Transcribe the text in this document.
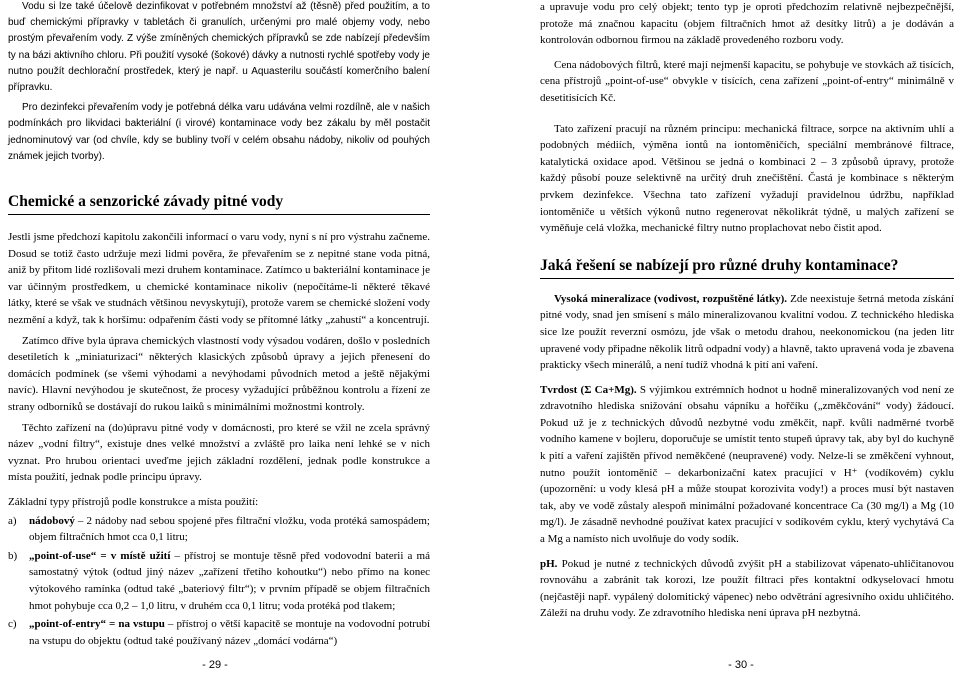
Vodu si lze také účelově dezinfikovat v potřebném množství až (těsně) před použitím, a to buď chemickými přípravky v tabletách či granulích, určenými pro malé objemy vody, nebo prostým převařením vody. Z výše zmíněných chemických přípravků se zde nabízejí především ty na bázi aktivního chloru. Při použití vysoké (šokové) dávky a nutnosti rychlé spotřeby vody je nutno použít dechlorační prostředek, který je např. u Aquasterilu součástí komerčního balení přípravku.

Pro dezinfekci převařením vody je potřebná délka varu udávána velmi rozdílně, ale v našich podmínkách pro likvidaci bakteriální (i virové) kontaminace vody bez zákalu by měl postačit jednominutový var (od chvíle, kdy se bubliny tvoří v celém obsahu nádoby, nikoliv od pouhých známek jejich tvorby).

Chemické a senzorické závady pitné vody

Jestli jsme předchozí kapitolu zakončili informací o varu vody, nyní s ní pro výstrahu začneme. Dosud se totiž často udržuje mezi lidmi pověra, že převařením se z nepitné stane voda pitná, aniž by přitom lidé rozlišovali mezi druhem kontaminace. Zatímco u bakteriální kontaminace je var účinným prostředkem, u chemické kontaminace nikoliv (nepočítáme-li některé těkavé látky, které se však ve studnách většinou nevyskytují), protože varem se chemické složení vody nezmění a když, tak k horšímu: odpařením části vody se přítomné látky „zahustí“ a koncentrují.

Zatímco dříve byla úprava chemických vlastností vody výsadou vodáren, došlo v posledních desetiletích k „miniaturizaci“ některých klasických způsobů úpravy a jejich přenesení do domácích podmínek (se všemi výhodami a nevýhodami původních metod a ještě nějakými navíc). Hlavní nevýhodou je skutečnost, že procesy vyžadující průběžnou kontrolu a řízení ze strany odborníků se dostávají do rukou laiků s minimálními možnostmi kontroly.

Těchto zařízení na (do)úpravu pitné vody v domácnosti, pro které se vžil ne zcela správný název „vodní filtry“, existuje dnes velké množství a zvláště pro laika není lehké se v nich vyznat. Pro hrubou orientaci uveďme jejich základní rozdělení, jednak podle konstrukce a místa použití, jednak podle principu úpravy.

Základní typy přístrojů podle konstrukce a místa použití:

a) nádobový – 2 nádoby nad sebou spojené přes filtrační vložku, voda protéká samospádem; objem filtračních hmot cca 0,1 litru;
b) „point-of-use“ = v místě užití – přístroj se montuje těsně před vodovodní baterii a má samostatný výtok (odtud jiný název „zařízení třetího kohoutku“) nebo přímo na konec výtokového ramínka (odtud také „bateriový filtr“); v prvním případě se objem filtračních hmot pohybuje cca 0,2 – 1,0 litru, v druhém cca 0,1 litru; voda protéká pod tlakem;
c) „point-of-entry“ = na vstupu – přístroj o větší kapacitě se montuje na vodovodní potrubí na vstupu do objektu (odtud také používaný název „domácí vodárna“)
- 29 -

a upravuje vodu pro celý objekt; tento typ je oproti předchozím relativně nejbezpečnější, protože má značnou kapacitu (objem filtračních hmot až desítky litrů) a je dodáván a kontrolován odbornou firmou na základě provedeného rozboru vody.

Cena nádobových filtrů, které mají nejmenší kapacitu, se pohybuje ve stovkách až tisících, cena přístrojů „point-of-use“ obvykle v tisících, cena zařízení „point-of-entry“ minimálně v desetitisících Kč.

Tato zařízení pracují na různém principu: mechanická filtrace, sorpce na aktivním uhlí a podobných médiích, výměna iontů na iontoměničích, speciální membránové filtrace, katalytická oxidace apod. Většinou se jedná o kombinaci 2 – 3 způsobů úpravy, protože každý působí pouze selektivně na určitý druh znečištění. Častá je kombinace s některým prvkem dezinfekce. Všechna tato zařízení vyžadují pravidelnou údržbu, například iontoměniče u větších výkonů nutno regenerovat několikrát týdně, u malých zařízení se vyměňuje celá vložka, mechanické filtry nutno proplachovat nebo čistit apod.

Jaká řešení se nabízejí pro různé druhy kontaminace?

Vysoká mineralizace (vodivost, rozpuštěné látky). Zde neexistuje šetrná metoda získání pitné vody, snad jen smísení s málo mineralizovanou kvalitní vodou. Z technického hlediska sice lze použít reverzní osmózu, jde však o metodu drahou, neekonomickou (na jeden litr upravené vody připadne několik litrů odpadní vody) a hlavně, takto upravená voda je zbavena prakticky všech minerálů, a není tudíž vhodná k pití ani vaření.

Tvrdost (Σ Ca+Mg). S výjimkou extrémních hodnot u hodně mineralizovaných vod není ze zdravotního hlediska snižování obsahu vápníku a hořčíku („změkčování“ vody) žádoucí. Pokud už je z technických důvodů nezbytné vodu změkčit, např. kvůli nadměrné tvorbě vodního kamene v bojleru, doporučuje se umístit tento stupeň úpravy tak, aby byl do kuchyně k pití a vaření zajištěn přívod neměkčené (neupravené) vody. Nelze-li se změkčení vyhnout, nutno použít iontoměnič – dekarbonizační katex pracující v H⁺ (vodíkovém) cyklu (upozornění: u vody klesá pH a může stoupat korozivita vody!) a proces musí být nastaven tak, aby ve vodě zůstaly alespoň minimální požadované koncentrace Ca (30 mg/l) a Mg (10 mg/l). Je zásadně nevhodné používat katex pracující v sodíkovém cyklu, který vychytává Ca a Mg a namísto nich uvolňuje do vody sodík.

pH. Pokud je nutné z technických důvodů zvýšit pH a stabilizovat vápenato-uhličitanovou rovnováhu a zabránit tak korozi, lze použít filtraci přes kontaktní odkyselovací hmotu (nejčastěji např. vypálený dolomitický vápenec) nebo odvětrání agresivního oxidu uhličitého. Záleží na druhu vody. Ze zdravotního hlediska není úprava pH nezbytná.

- 30 -
